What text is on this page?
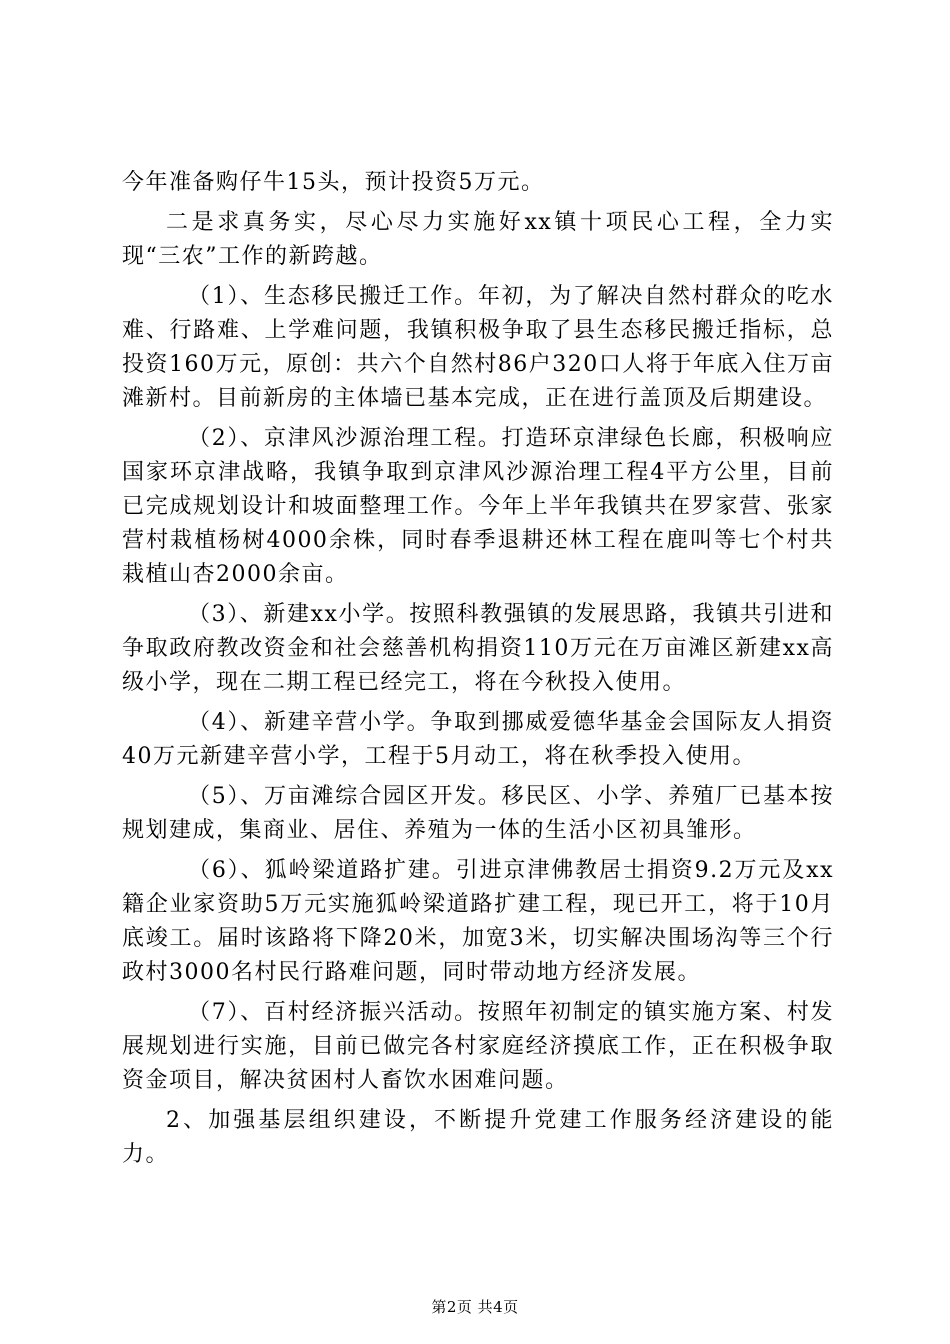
今年准备购仔牛15头，预计投资5万元。

二是求真务实，尽心尽力实施好xx镇十项民心工程，全力实现“三农”工作的新跨越。

（1）、生态移民搬迁工作。年初，为了解决自然村群众的吃水难、行路难、上学难问题，我镇积极争取了县生态移民搬迁指标，总投资160万元，原创：共六个自然村86户320口人将于年底入住万亩滩新村。目前新房的主体墙已基本完成，正在进行盖顶及后期建设。

（2）、京津风沙源治理工程。打造环京津绿色长廊，积极响应国家环京津战略，我镇争取到京津风沙源治理工程4平方公里，目前已完成规划设计和坡面整理工作。今年上半年我镇共在罗家营、张家营村栽植杨树4000余株，同时春季退耕还林工程在鹿叫等七个村共栽植山杏2000余亩。

（3）、新建xx小学。按照科教强镇的发展思路，我镇共引进和争取政府教改资金和社会慈善机构捐资110万元在万亩滩区新建xx高级小学，现在二期工程已经完工，将在今秋投入使用。

（4）、新建辛营小学。争取到挪威爱德华基金会国际友人捐资40万元新建辛营小学，工程于5月动工，将在秋季投入使用。

（5）、万亩滩综合园区开发。移民区、小学、养殖厂已基本按规划建成，集商业、居住、养殖为一体的生活小区初具雏形。

（6）、狐岭梁道路扩建。引进京津佛教居士捐资9.2万元及xx籍企业家资助5万元实施狐岭梁道路扩建工程，现已开工，将于10月底竣工。届时该路将下降20米，加宽3米，切实解决围场沟等三个行政村3000名村民行路难问题，同时带动地方经济发展。

（7）、百村经济振兴活动。按照年初制定的镇实施方案、村发展规划进行实施，目前已做完各村家庭经济摸底工作，正在积极争取资金项目，解决贫困村人畜饮水困难问题。

2、加强基层组织建设，不断提升党建工作服务经济建设的能力。

第2页 共4页
